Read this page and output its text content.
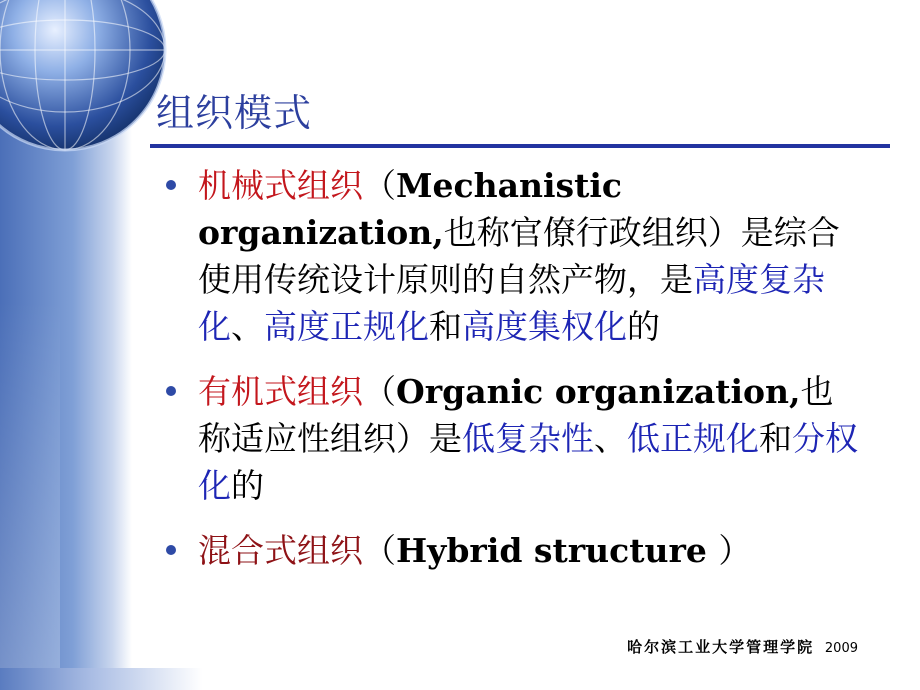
组织模式
机械式组织（Mechanistic organization,也称官僚行政组织）是综合使用传统设计原则的自然产物，是高度复杂化、高度正规化和高度集权化的
有机式组织（Organic organization,也称适应性组织）是低复杂性、低正规化和分权化的
混合式组织（Hybrid structure ）
哈尔滨工业大学管理学院 2009
